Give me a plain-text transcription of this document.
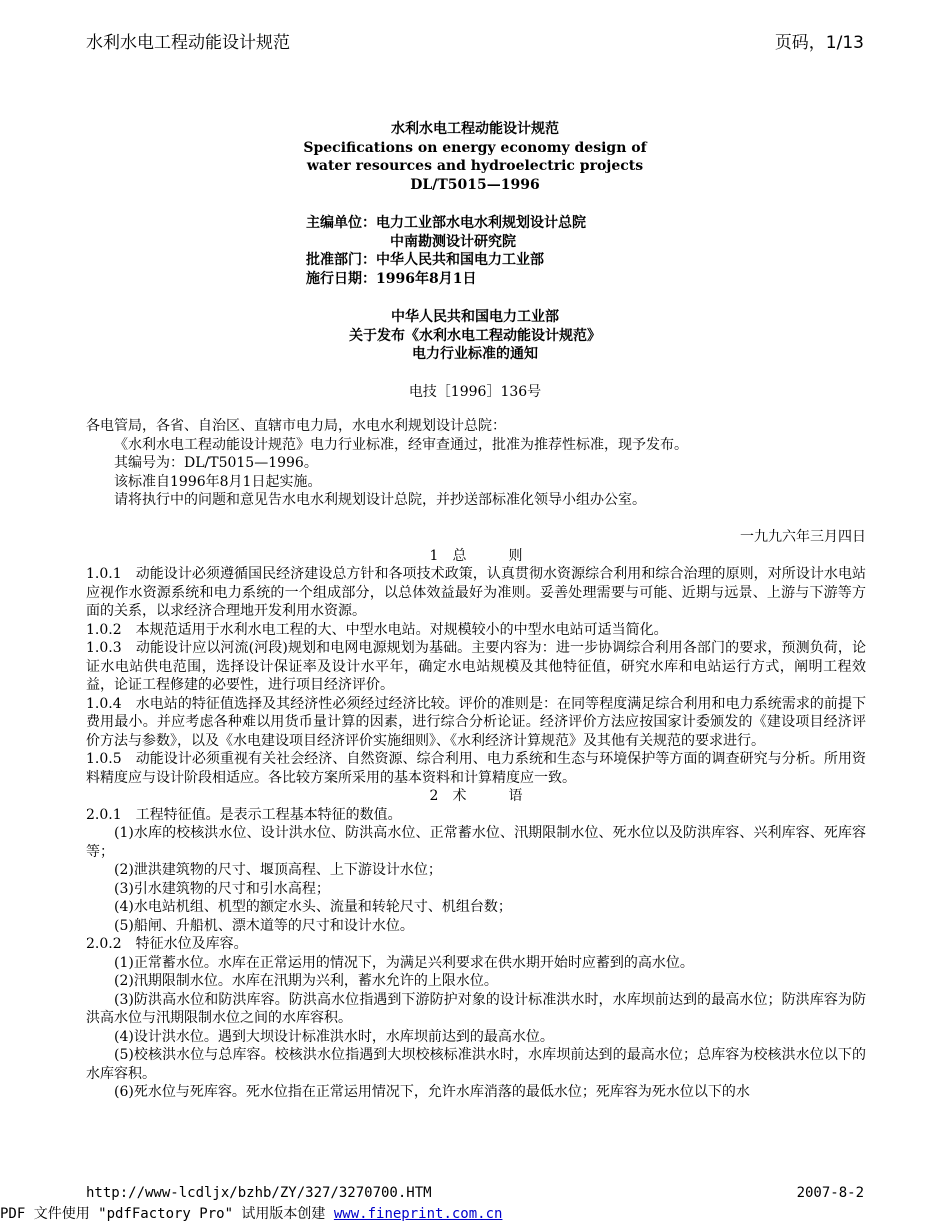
水利水电工程动能设计规范	页码，1/13
水利水电工程动能设计规范
Specifications on energy economy design of
water resources and hydroelectric projects
DL/T5015—1996
主编单位：电力工业部水电水利规划设计总院
中南勘测设计研究院
批准部门：中华人民共和国电力工业部
施行日期：1996年8月1日
中华人民共和国电力工业部
关于发布《水利水电工程动能设计规范》
电力行业标准的通知
电技［1996］136号

各电管局，各省、自治区、直辖市电力局，水电水利规划设计总院：

《水利水电工程动能设计规范》电力行业标准，经审查通过，批准为推荐性标准，现予发布。

其编号为：DL/T5015—1996。

该标准自1996年8月1日起实施。

请将执行中的问题和意见告水电水利规划设计总院，并抄送部标准化领导小组办公室。

一九九六年三月四日

1　总　　　则

1.0.1　动能设计必须遵循国民经济建设总方针和各项技术政策，认真贯彻水资源综合利用和综合治理的原则，对所设计水电站应视作水资源系统和电力系统的一个组成部分，以总体效益最好为准则。妥善处理需要与可能、近期与远景、上游与下游等方面的关系，以求经济合理地开发利用水资源。

1.0.2　本规范适用于水利水电工程的大、中型水电站。对规模较小的中型水电站可适当简化。

1.0.3　动能设计应以河流(河段)规划和电网电源规划为基础。主要内容为：进一步协调综合利用各部门的要求，预测负荷，论证水电站供电范围，选择设计保证率及设计水平年，确定水电站规模及其他特征值，研究水库和电站运行方式，阐明工程效益，论证工程修建的必要性，进行项目经济评价。

1.0.4　水电站的特征值选择及其经济性必须经过经济比较。评价的准则是：在同等程度满足综合利用和电力系统需求的前提下费用最小。并应考虑各种难以用货币量计算的因素，进行综合分析论证。经济评价方法应按国家计委颁发的《建设项目经济评价方法与参数》，以及《水电建设项目经济评价实施细则》、《水利经济计算规范》及其他有关规范的要求进行。

1.0.5　动能设计必须重视有关社会经济、自然资源、综合利用、电力系统和生态与环境保护等方面的调查研究与分析。所用资料精度应与设计阶段相适应。各比较方案所采用的基本资料和计算精度应一致。

2　术　　　语

2.0.1　工程特征值。是表示工程基本特征的数值。

(1)水库的校核洪水位、设计洪水位、防洪高水位、正常蓄水位、汛期限制水位、死水位以及防洪库容、兴利库容、死库容等；

(2)泄洪建筑物的尺寸、堰顶高程、上下游设计水位；

(3)引水建筑物的尺寸和引水高程；

(4)水电站机组、机型的额定水头、流量和转轮尺寸、机组台数；

(5)船闸、升船机、漂木道等的尺寸和设计水位。

2.0.2　特征水位及库容。

(1)正常蓄水位。水库在正常运用的情况下，为满足兴利要求在供水期开始时应蓄到的高水位。

(2)汛期限制水位。水库在汛期为兴利，蓄水允许的上限水位。

(3)防洪高水位和防洪库容。防洪高水位指遇到下游防护对象的设计标准洪水时，水库坝前达到的最高水位；防洪库容为防洪高水位与汛期限制水位之间的水库容积。

(4)设计洪水位。遇到大坝设计标准洪水时，水库坝前达到的最高水位。

(5)校核洪水位与总库容。校核洪水位指遇到大坝校核标准洪水时，水库坝前达到的最高水位；总库容为校核洪水位以下的水库容积。

(6)死水位与死库容。死水位指在正常运用情况下，允许水库消落的最低水位；死库容为死水位以下的水

http://www-lcdljx/bzhb/ZY/327/3270700.HTM	2007-8-2
PDF 文件使用 "pdfFactory Pro" 试用版本创建 www.fineprint.com.cn
